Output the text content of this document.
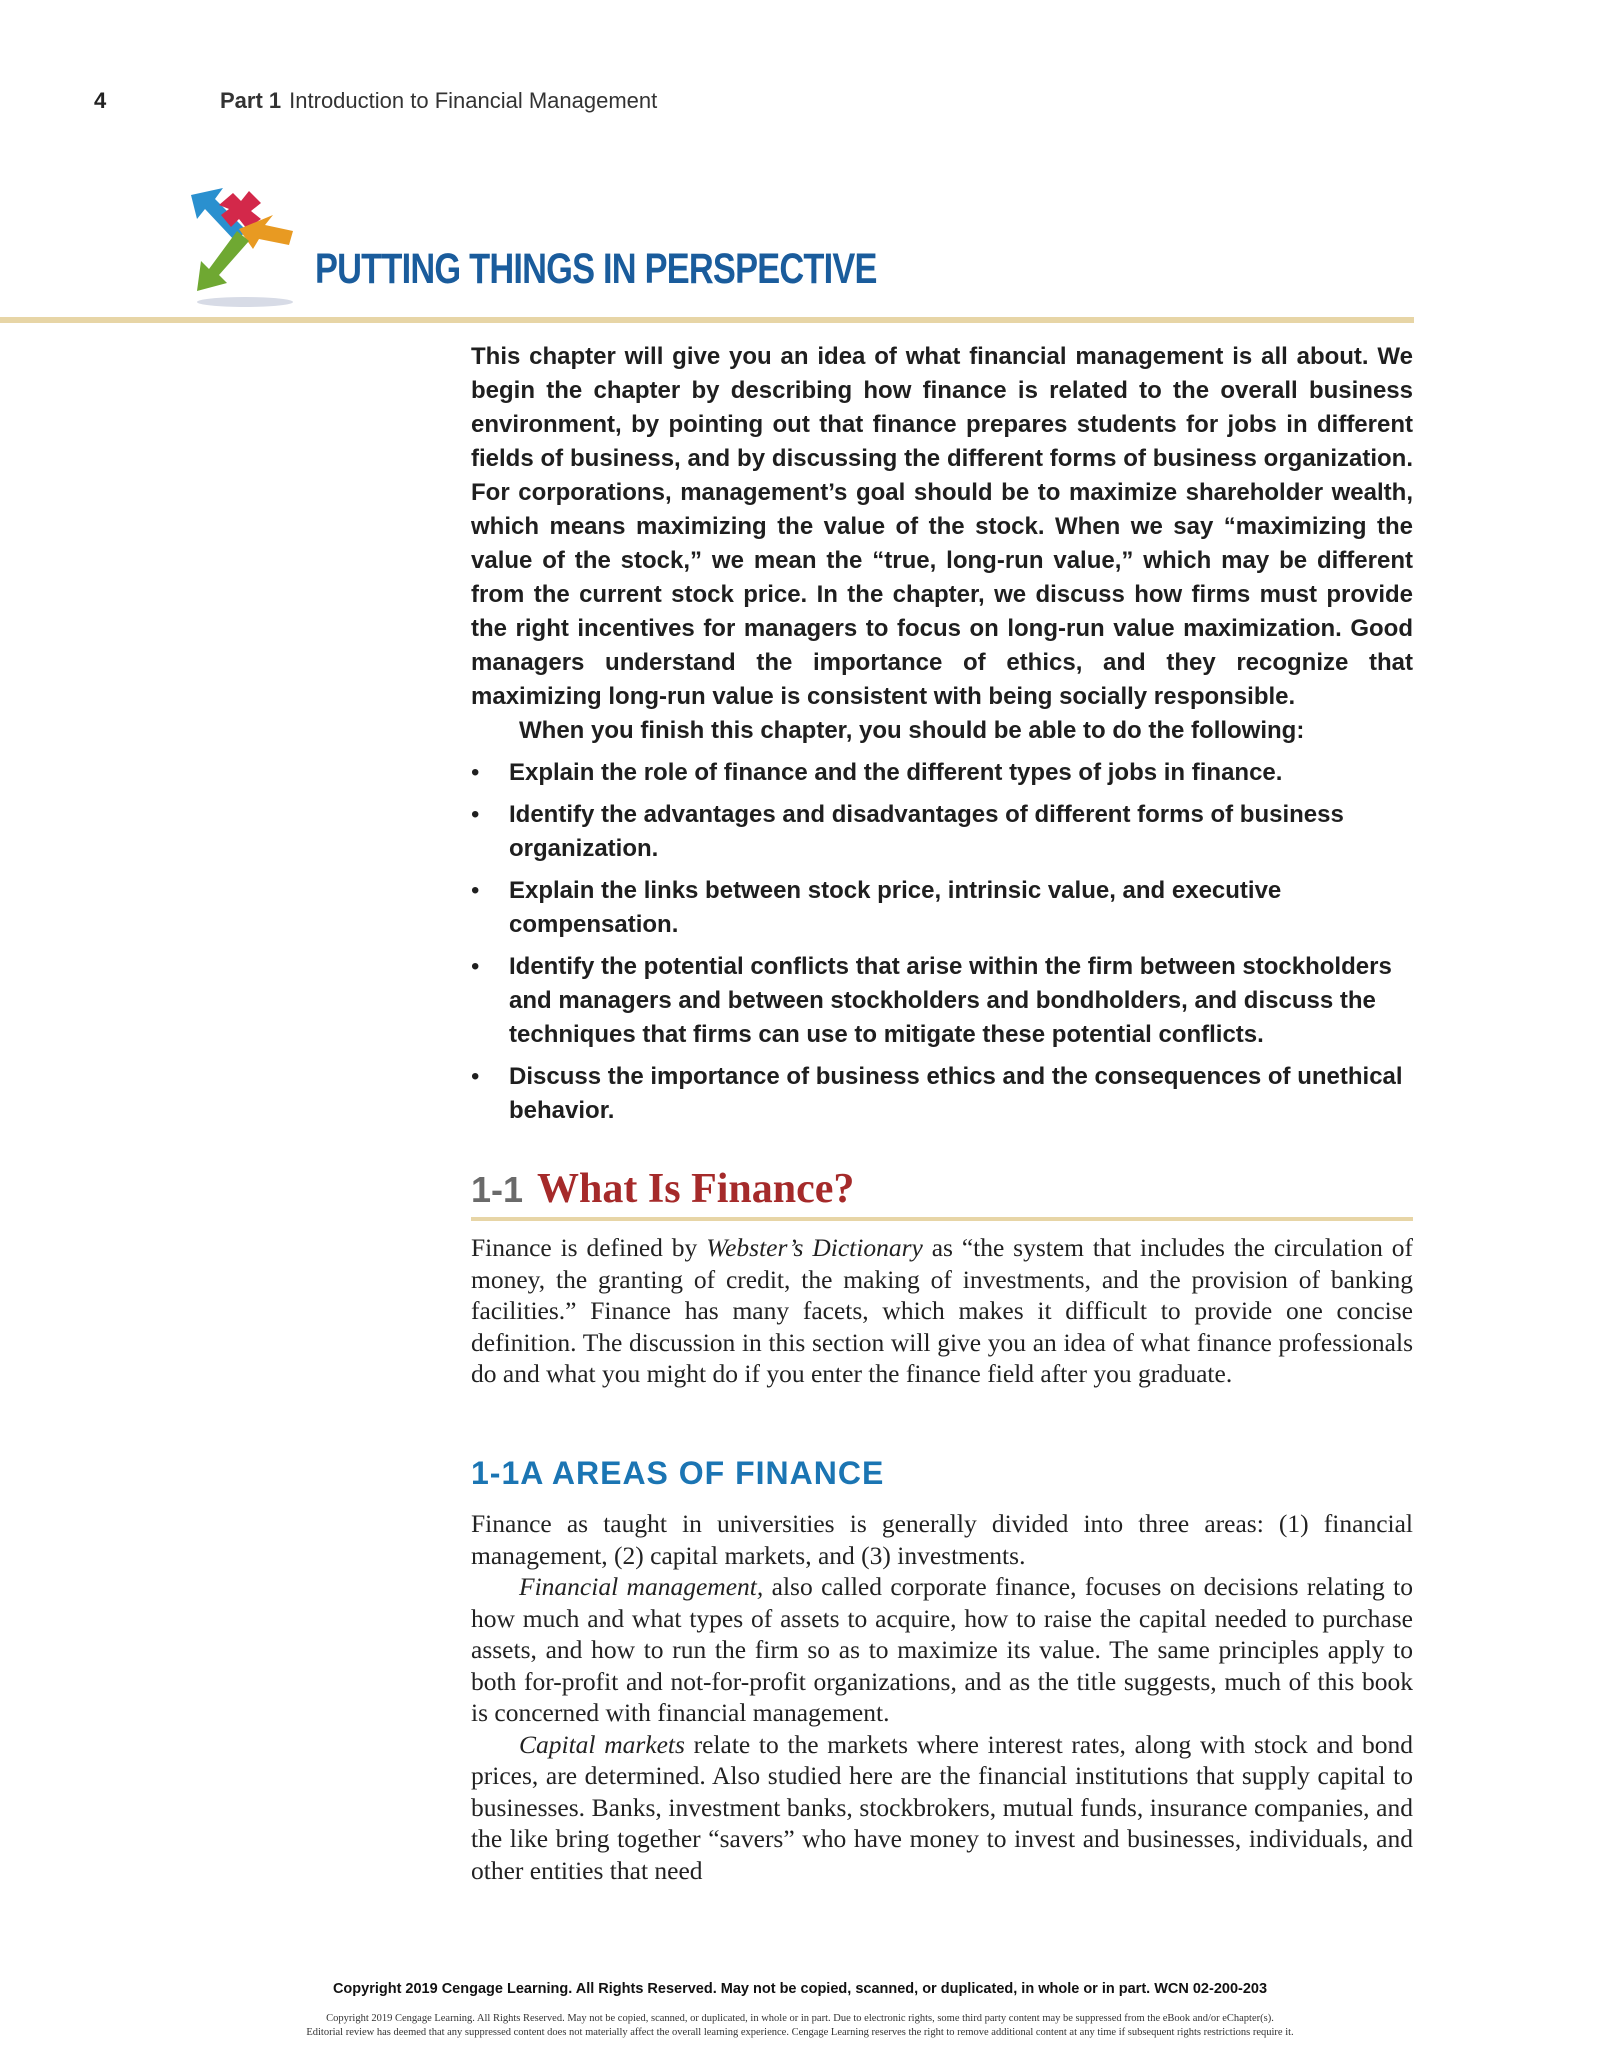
4	Part 1 Introduction to Financial Management
PUTTING THINGS IN PERSPECTIVE

This chapter will give you an idea of what financial management is all about. We begin the chapter by describing how finance is related to the overall business environment, by pointing out that finance prepares students for jobs in different fields of business, and by discussing the different forms of business organization. For corporations, management’s goal should be to maximize shareholder wealth, which means maximizing the value of the stock. When we say “maximizing the value of the stock,” we mean the “true, long-run value,” which may be different from the current stock price. In the chapter, we discuss how firms must provide the right incentives for managers to focus on long-run value maximization. Good managers understand the importance of ethics, and they recognize that maximizing long-run value is consistent with being socially responsible.

When you finish this chapter, you should be able to do the following:

• Explain the role of finance and the different types of jobs in finance.
• Identify the advantages and disadvantages of different forms of business organization.
• Explain the links between stock price, intrinsic value, and executive compensation.
• Identify the potential conflicts that arise within the firm between stockholders and managers and between stockholders and bondholders, and discuss the techniques that firms can use to mitigate these potential conflicts.
• Discuss the importance of business ethics and the consequences of unethical behavior.
1-1 What Is Finance?

Finance is defined by Webster’s Dictionary as “the system that includes the circulation of money, the granting of credit, the making of investments, and the provision of banking facilities.” Finance has many facets, which makes it difficult to provide one concise definition. The discussion in this section will give you an idea of what finance professionals do and what you might do if you enter the finance field after you graduate.

1-1A AREAS OF FINANCE

Finance as taught in universities is generally divided into three areas: (1) financial management, (2) capital markets, and (3) investments.

Financial management, also called corporate finance, focuses on decisions relating to how much and what types of assets to acquire, how to raise the capital needed to purchase assets, and how to run the firm so as to maximize its value. The same principles apply to both for-profit and not-for-profit organizations, and as the title suggests, much of this book is concerned with financial management.

Capital markets relate to the markets where interest rates, along with stock and bond prices, are determined. Also studied here are the financial institutions that supply capital to businesses. Banks, investment banks, stockbrokers, mutual funds, insurance companies, and the like bring together “savers” who have money to invest and businesses, individuals, and other entities that need

Copyright 2019 Cengage Learning. All Rights Reserved. May not be copied, scanned, or duplicated, in whole or in part. WCN 02-200-203
Copyright 2019 Cengage Learning. All Rights Reserved. May not be copied, scanned, or duplicated, in whole or in part. Due to electronic rights, some third party content may be suppressed from the eBook and/or eChapter(s).
Editorial review has deemed that any suppressed content does not materially affect the overall learning experience. Cengage Learning reserves the right to remove additional content at any time if subsequent rights restrictions require it.
